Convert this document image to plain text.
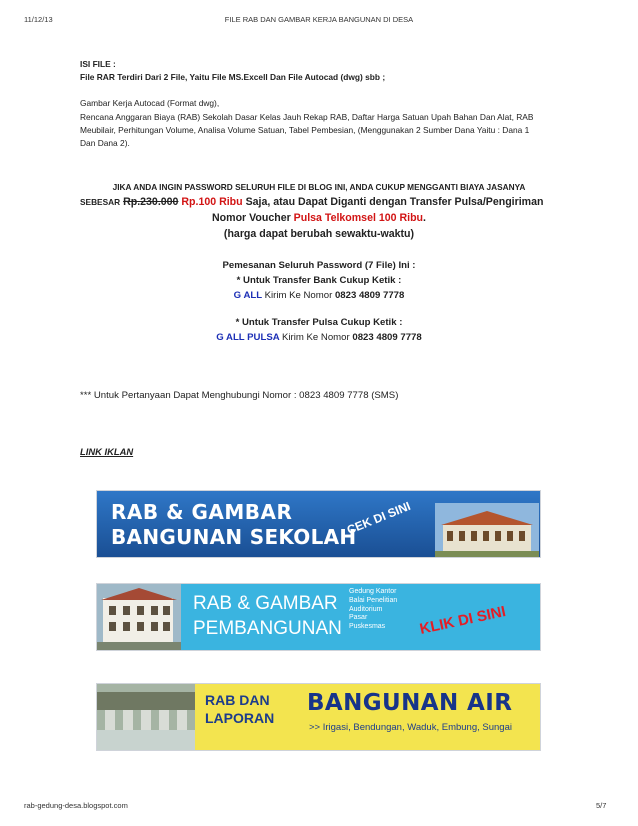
11/12/13	FILE RAB DAN GAMBAR KERJA BANGUNAN DI DESA
ISI FILE :
File RAR Terdiri Dari 2 File, Yaitu File MS.Excell Dan File Autocad (dwg) sbb ;
Gambar Kerja Autocad (Format dwg),
Rencana Anggaran Biaya (RAB) Sekolah Dasar Kelas Jauh Rekap RAB, Daftar Harga Satuan Upah Bahan Dan Alat, RAB
Meubilair, Perhitungan Volume, Analisa Volume Satuan, Tabel Pembesian, (Menggunakan 2 Sumber Dana Yaitu : Dana 1
Dan Dana 2).
JIKA ANDA INGIN PASSWORD SELURUH FILE DI BLOG INI, ANDA CUKUP MENGGANTI BIAYA JASANYA
SEBESAR Rp.230.000 Rp.100 Ribu Saja, atau Dapat Diganti dengan Transfer Pulsa/Pengiriman
Nomor Voucher Pulsa Telkomsel 100 Ribu.
(harga dapat berubah sewaktu-waktu)
Pemesanan Seluruh Password (7 File) Ini :
* Untuk Transfer Bank Cukup Ketik :
G ALL Kirim Ke Nomor 0823 4809 7778
* Untuk Transfer Pulsa Cukup Ketik :
G ALL PULSA Kirim Ke Nomor 0823 4809 7778
*** Untuk Pertanyaan Dapat Menghubungi Nomor : 0823 4809 7778 (SMS)
LINK IKLAN
RAB & GAMBAR
BANGUNAN SEKOLAH
CEK DI SINI
RAB & GAMBAR
PEMBANGUNAN
Gedung Kantor
Balai Penelitian
Auditorium
Pasar
Puskesmas	KLIK DI SINI
RAB DAN
LAPORAN
BANGUNAN AIR
>> Irigasi, Bendungan, Waduk, Embung, Sungai
rab-gedung-desa.blogspot.com	5/7
